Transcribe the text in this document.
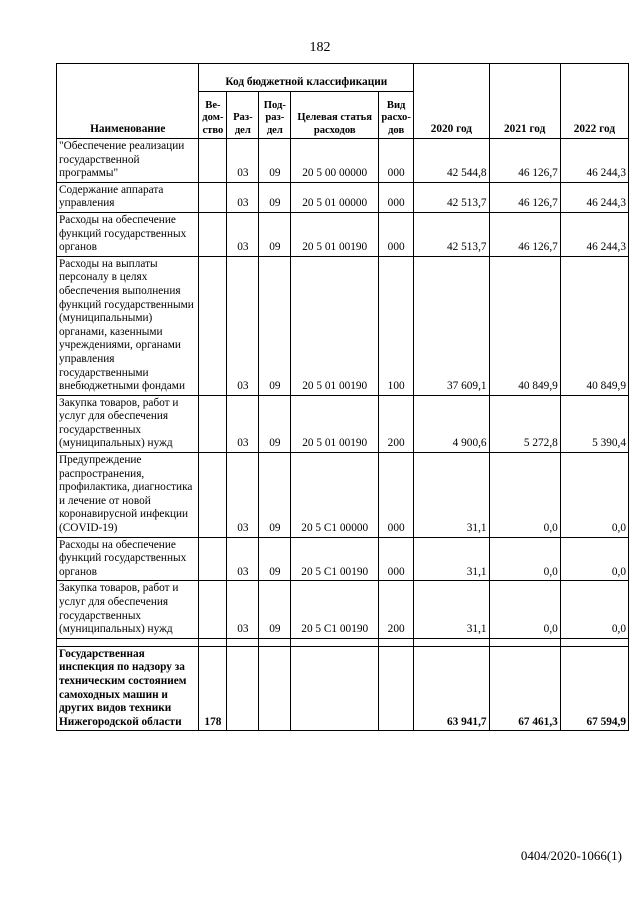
182
Наименование	Код бюджетной классификации					2020 год	2021 год	2022 год
	Ве-дом-ство	Раз-дел	Под-раз-дел	Целевая статья расходов	Вид расхо-дов			
"Обеспечение реализации государственной программы"		03	09	20 5 00 00000	000	42 544,8	46 126,7	46 244,3
Содержание аппарата управления		03	09	20 5 01 00000	000	42 513,7	46 126,7	46 244,3
Расходы на обеспечение функций государственных органов		03	09	20 5 01 00190	000	42 513,7	46 126,7	46 244,3
Расходы на выплаты персоналу в целях обеспечения выполнения функций государственными (муниципальными) органами, казенными учреждениями, органами управления государственными внебюджетными фондами		03	09	20 5 01 00190	100	37 609,1	40 849,9	40 849,9
Закупка товаров, работ и услуг для обеспечения государственных (муниципальных) нужд		03	09	20 5 01 00190	200	4 900,6	5 272,8	5 390,4
Предупреждение распространения, профилактика, диагностика и лечение от новой коронавирусной инфекции (COVID-19)		03	09	20 5 C1 00000	000	31,1	0,0	0,0
Расходы на обеспечение функций государственных органов		03	09	20 5 C1 00190	000	31,1	0,0	0,0
Закупка товаров, работ и услуг для обеспечения государственных (муниципальных) нужд		03	09	20 5 C1 00190	200	31,1	0,0	0,0

Государственная инспекция по надзору за техническим состоянием самоходных машин и других видов техники Нижегородской области	178					63 941,7	67 461,3	67 594,9
0404/2020-1066(1)
